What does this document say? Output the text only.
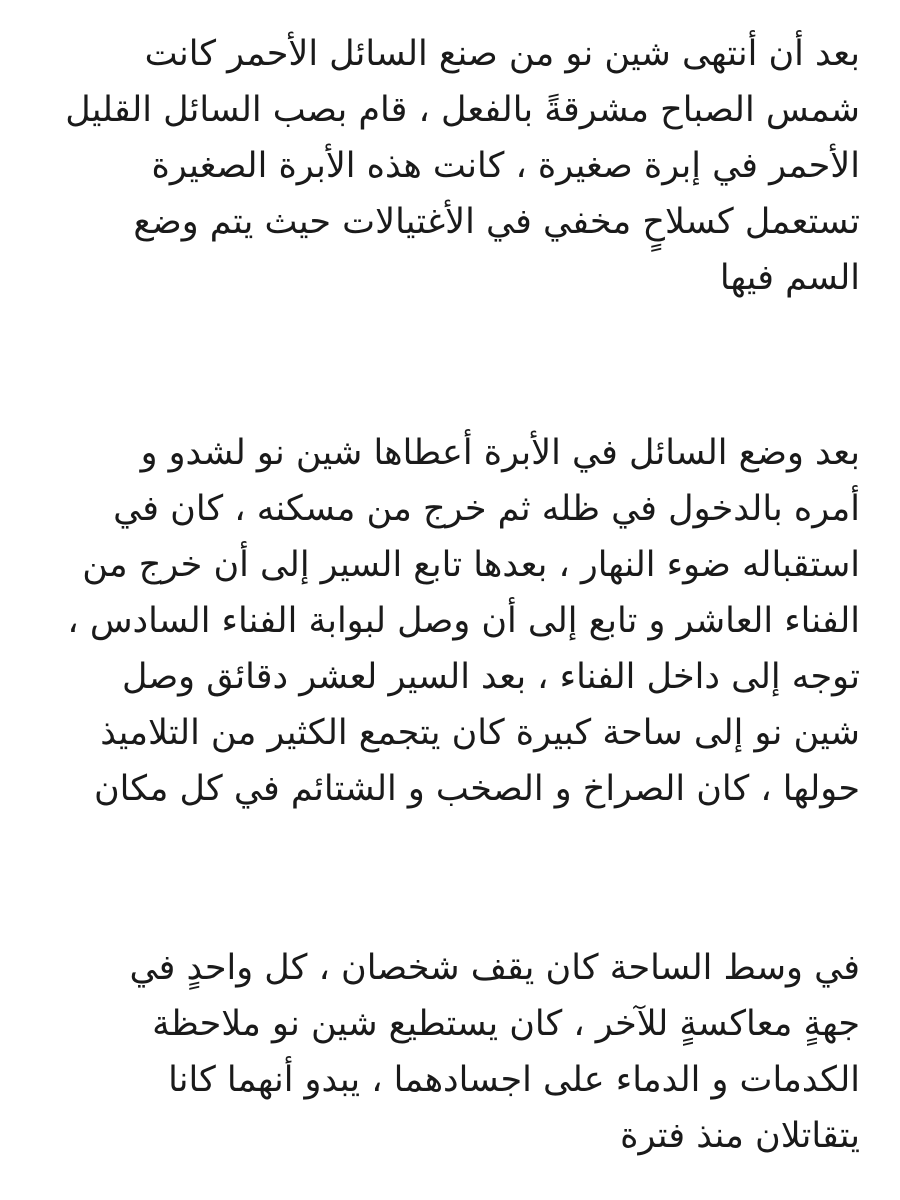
بعد أن أنتهى شين نو من صنع السائل الأحمر كانت
شمس الصباح مشرقةً بالفعل ، قام بصب السائل القليل
الأحمر في إبرة صغيرة ، كانت هذه الأبرة الصغيرة
تستعمل كسلاحٍ مخفي في الأغتيالات حيث يتم وضع
السم فيها
بعد وضع السائل في الأبرة أعطاها شين نو لشدو و
أمره بالدخول في ظله ثم خرج من مسكنه ، كان في
استقباله ضوء النهار ، بعدها تابع السير إلى أن خرج من
الفناء العاشر و تابع إلى أن وصل لبوابة الفناء السادس ،
توجه إلى داخل الفناء ، بعد السير لعشر دقائق وصل
شين نو إلى ساحة كبيرة كان يتجمع الكثير من التلاميذ
حولها ، كان الصراخ و الصخب و الشتائم في كل مكان
في وسط الساحة كان يقف شخصان ، كل واحدٍ في
جهةٍ معاكسةٍ للآخر ، كان يستطيع شين نو ملاحظة
الكدمات و الدماء على اجسادهما ، يبدو أنهما كانا
يتقاتلان منذ فترة
